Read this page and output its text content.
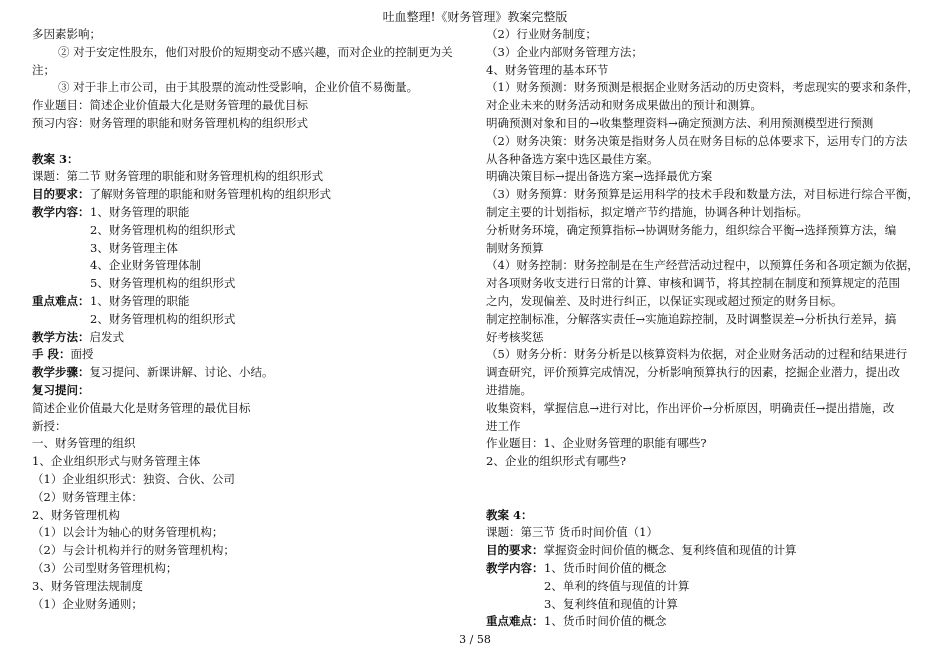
吐血整理!《财务管理》教案完整版
多因素影响；
② 对于安定性股东，他们对股价的短期变动不感兴趣，而对企业的控制更为关
注；
③ 对于非上市公司，由于其股票的流动性受影响，企业价值不易衡量。
作业题目：简述企业价值最大化是财务管理的最优目标
预习内容：财务管理的职能和财务管理机构的组织形式
教案 3：
课题：第二节 财务管理的职能和财务管理机构的组织形式
目的要求：了解财务管理的职能和财务管理机构的组织形式
教学内容： 1、财务管理的职能
2、财务管理机构的组织形式
3、财务管理主体
4、企业财务管理体制
5、财务管理机构的组织形式
重点难点： 1、财务管理的职能
2、财务管理机构的组织形式
教学方法：启发式
手 段：面授
教学步骤：复习提问、新课讲解、讨论、小结。
复习提问：
简述企业价值最大化是财务管理的最优目标
新授：
一、财务管理的组织
1、企业组织形式与财务管理主体
（1）企业组织形式：独资、合伙、公司
（2）财务管理主体：
2、财务管理机构
（1）以会计为轴心的财务管理机构；
（2）与会计机构并行的财务管理机构；
（3）公司型财务管理机构；
3、财务管理法规制度
（1）企业财务通则；
（2）行业财务制度；
（3）企业内部财务管理方法；
4、财务管理的基本环节
（1）财务预测：财务预测是根据企业财务活动的历史资料，考虑现实的要求和条件，
对企业未来的财务活动和财务成果做出的预计和测算。
明确预测对象和目的→收集整理资料→确定预测方法、利用预测模型进行预测
（2）财务决策：财务决策是指财务人员在财务目标的总体要求下，运用专门的方法
从各种备选方案中选区最佳方案。
明确决策目标→提出备选方案→选择最优方案
（3）财务预算：财务预算是运用科学的技术手段和数量方法，对目标进行综合平衡，
制定主要的计划指标，拟定增产节约措施，协调各种计划指标。
分析财务环境，确定预算指标→协调财务能力，组织综合平衡→选择预算方法，编
制财务预算
（4）财务控制：财务控制是在生产经营活动过程中，以预算任务和各项定额为依据，
对各项财务收支进行日常的计算、审核和调节，将其控制在制度和预算规定的范围
之内，发现偏差、及时进行纠正，以保证实现或超过预定的财务目标。
制定控制标准，分解落实责任→实施追踪控制，及时调整误差→分析执行差异，搞
好考核奖惩
（5）财务分析：财务分析是以核算资料为依据，对企业财务活动的过程和结果进行
调查研究，评价预算完成情况，分析影响预算执行的因素，挖掘企业潜力，提出改
进措施。
收集资料，掌握信息→进行对比，作出评价→分析原因，明确责任→提出措施，改
进工作
作业题目：1、企业财务管理的职能有哪些?
2、企业的组织形式有哪些?
教案 4：
课题：第三节 货币时间价值（1）
目的要求：掌握资金时间价值的概念、复利终值和现值的计算
教学内容： 1、货币时间价值的概念
2、单利的终值与现值的计算
3、复利终值和现值的计算
重点难点： 1、货币时间价值的概念
3 / 58
